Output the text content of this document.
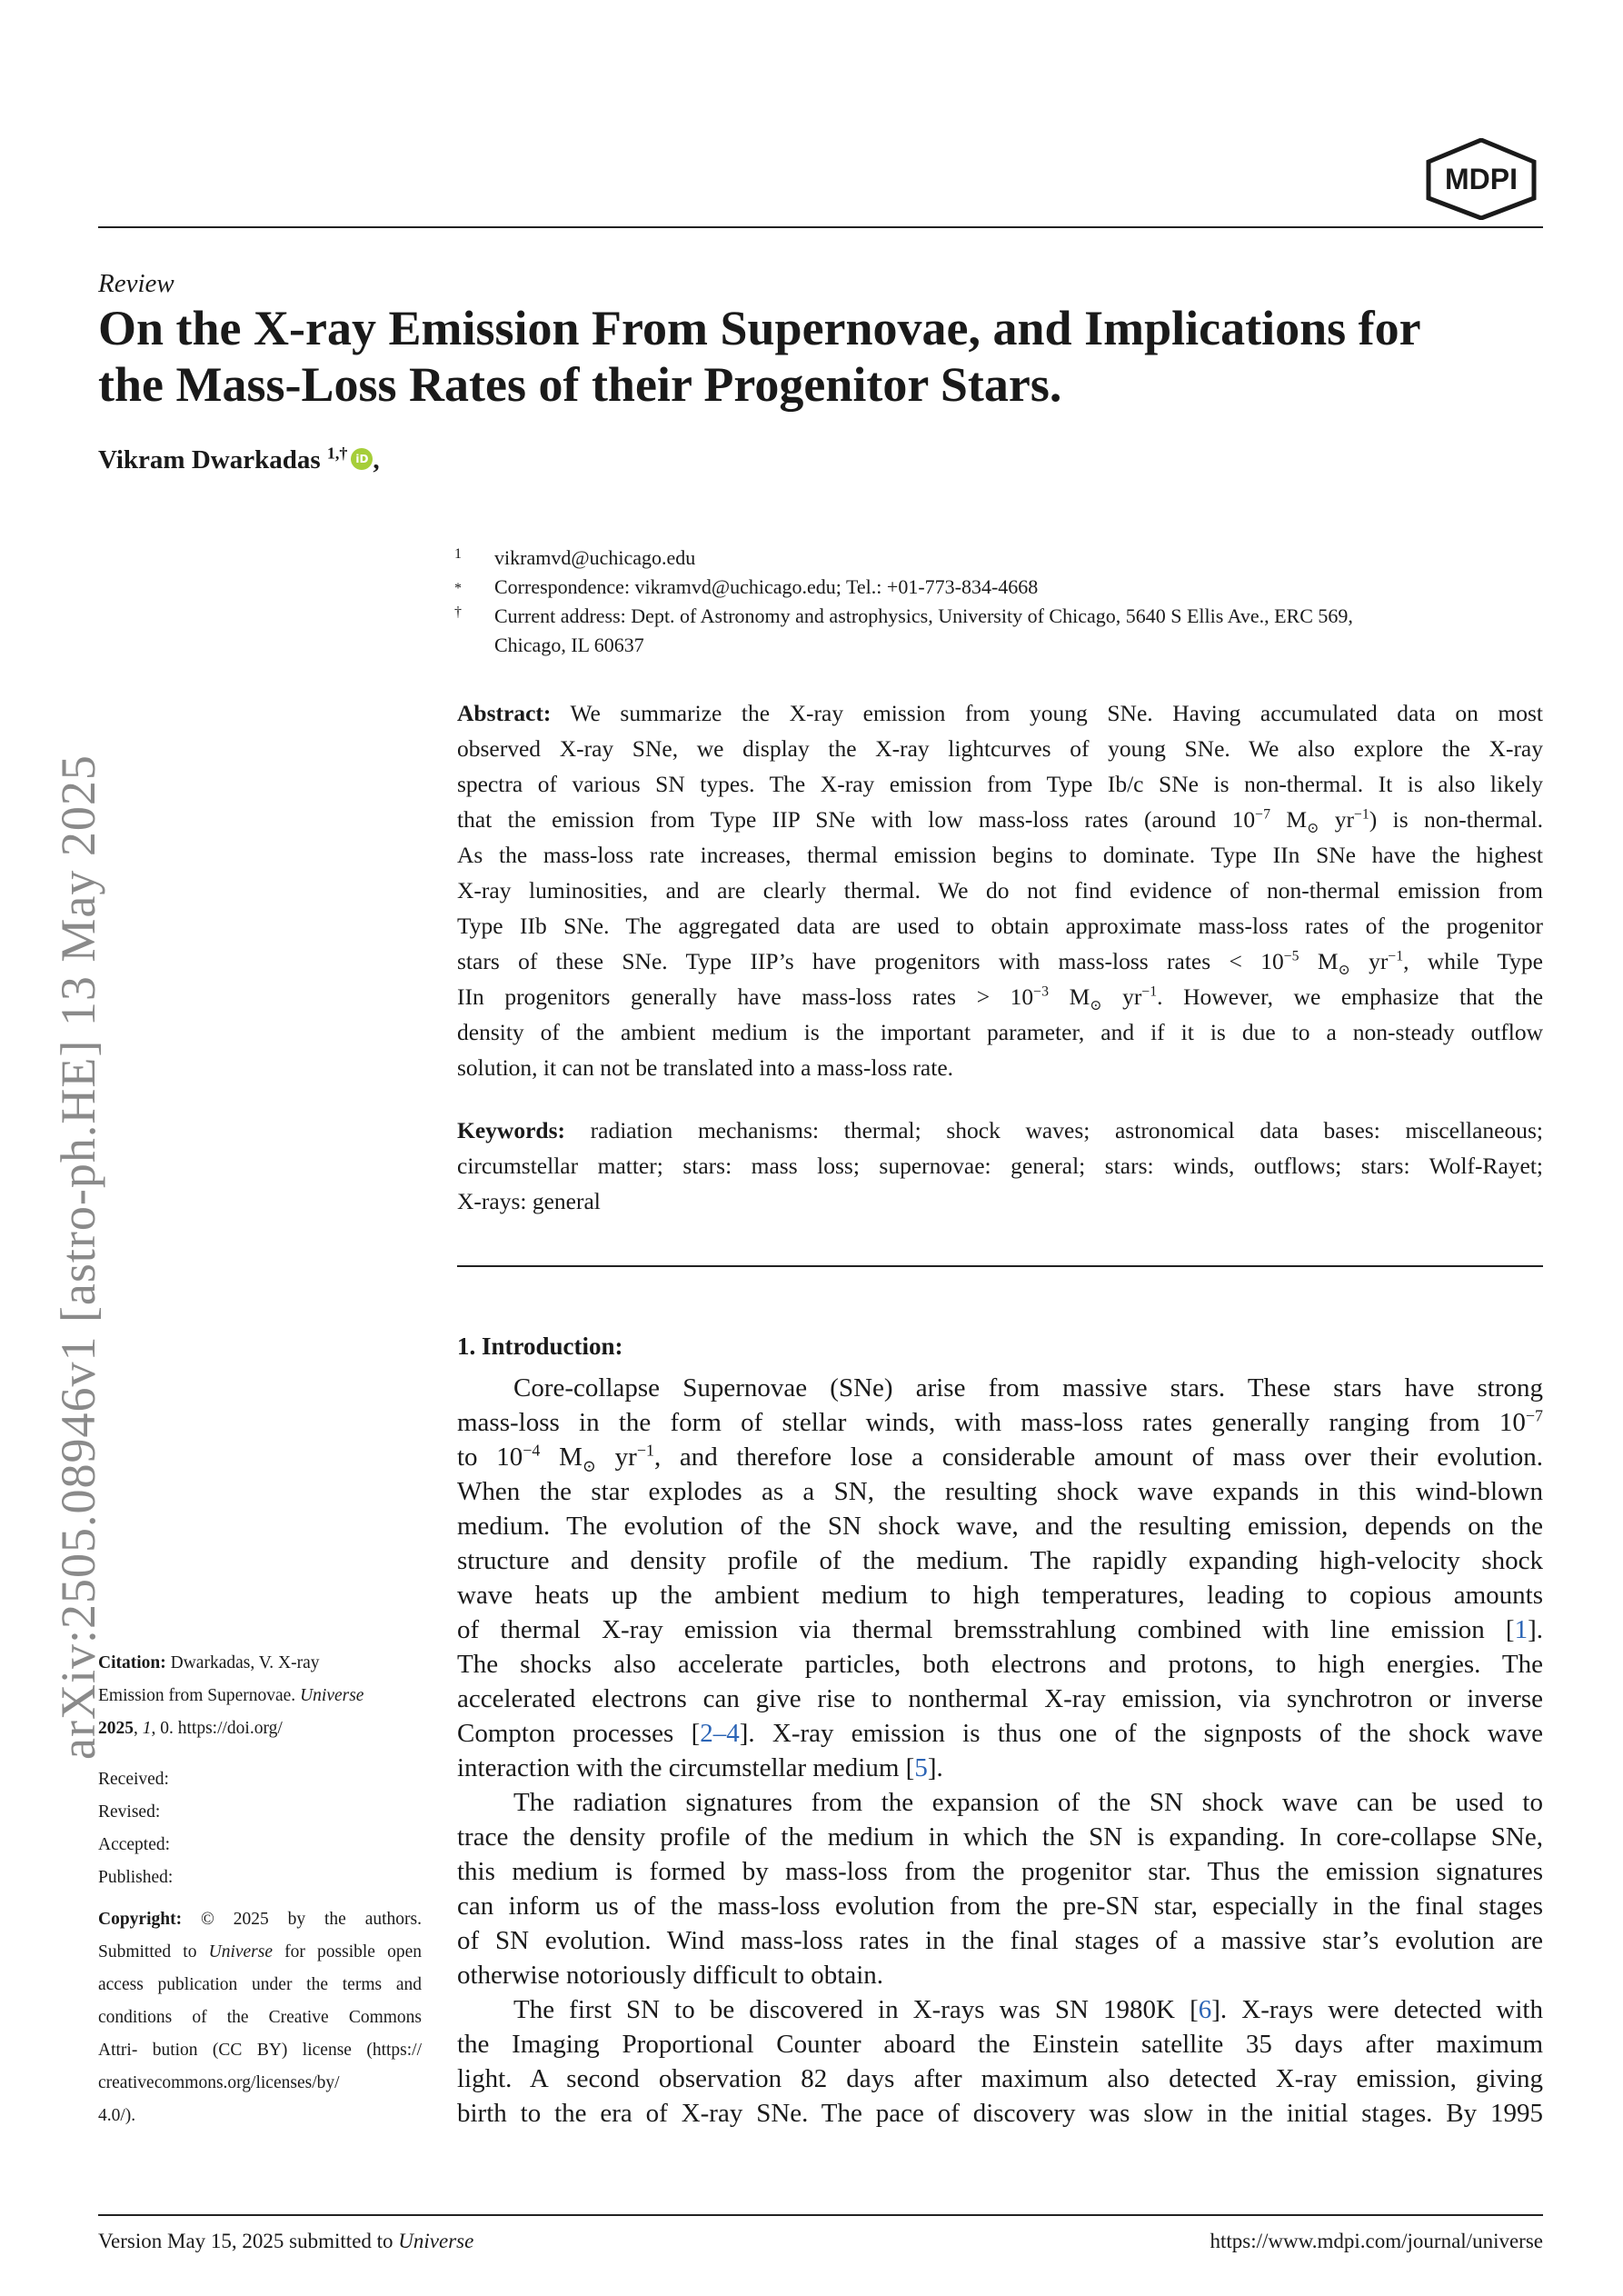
MDPI
Review
On the X-ray Emission From Supernovae, and Implications for
the Mass-Loss Rates of their Progenitor Stars.
Vikram Dwarkadas $^{1,\dagger}$ iD ,
1 vikramvd@uchicago.edu
* Correspondence: vikramvd@uchicago.edu; Tel.: +01-773-834-4668
† Current address: Dept. of Astronomy and astrophysics, University of Chicago, 5640 S Ellis Ave., ERC 569,
Chicago, IL 60637
Abstract: We summarize the X-ray emission from young SNe. Having accumulated data on most
observed X-ray SNe, we display the X-ray lightcurves of young SNe. We also explore the X-ray
spectra of various SN types. The X-ray emission from Type Ib/c SNe is non-thermal. It is also likely
that the emission from Type IIP SNe with low mass-loss rates (around $10^{-7}$ $M_⊙$ $yr^{-1}$) is non-thermal.
As the mass-loss rate increases, thermal emission begins to dominate. Type IIn SNe have the highest
X-ray luminosities, and are clearly thermal. We do not find evidence of non-thermal emission from
Type IIb SNe. The aggregated data are used to obtain approximate mass-loss rates of the progenitor
stars of these SNe. Type IIP’s have progenitors with mass-loss rates < $10^{-5}$ $M_⊙$ $yr^{-1}$, while Type
IIn progenitors generally have mass-loss rates > $10^{-3}$ $M_⊙$ $yr^{-1}$. However, we emphasize that the
density of the ambient medium is the important parameter, and if it is due to a non-steady outflow
solution, it can not be translated into a mass-loss rate.
Keywords: radiation mechanisms: thermal; shock waves; astronomical data bases: miscellaneous;
circumstellar matter; stars: mass loss; supernovae: general; stars: winds, outflows; stars: Wolf-Rayet;
X-rays: general
1. Introduction:
Core-collapse Supernovae (SNe) arise from massive stars. These stars have strong
mass-loss in the form of stellar winds, with mass-loss rates generally ranging from $10^{-7}$
to $10^{-4}$ $M_⊙$ $yr^{-1}$, and therefore lose a considerable amount of mass over their evolution.
When the star explodes as a SN, the resulting shock wave expands in this wind-blown
medium. The evolution of the SN shock wave, and the resulting emission, depends on the
structure and density profile of the medium. The rapidly expanding high-velocity shock
wave heats up the ambient medium to high temperatures, leading to copious amounts
of thermal X-ray emission via thermal bremsstrahlung combined with line emission [1].
The shocks also accelerate particles, both electrons and protons, to high energies. The
accelerated electrons can give rise to nonthermal X-ray emission, via synchrotron or inverse
Compton processes [2–4]. X-ray emission is thus one of the signposts of the shock wave
interaction with the circumstellar medium [5].
The radiation signatures from the expansion of the SN shock wave can be used to
trace the density profile of the medium in which the SN is expanding. In core-collapse SNe,
this medium is formed by mass-loss from the progenitor star. Thus the emission signatures
can inform us of the mass-loss evolution from the pre-SN star, especially in the final stages
of SN evolution. Wind mass-loss rates in the final stages of a massive star’s evolution are
otherwise notoriously difficult to obtain.
The first SN to be discovered in X-rays was SN 1980K [6]. X-rays were detected with
the Imaging Proportional Counter aboard the Einstein satellite 35 days after maximum
light. A second observation 82 days after maximum also detected X-ray emission, giving
birth to the era of X-ray SNe. The pace of discovery was slow in the initial stages. By 1995
arXiv:2505.08946v1 [astro-ph.HE] 13 May 2025
Citation: Dwarkadas, V. X-ray
Emission from Supernovae. Universe
2025, 1, 0. https://doi.org/
Received:
Revised:
Accepted:
Published:
Copyright: © 2025 by the authors.
Submitted to Universe for possible open
access publication under the terms and
conditions of the Creative Commons
Attri- bution (CC BY) license (https://
creativecommons.org/licenses/by/
4.0/).
Version May 15, 2025 submitted to Universe	https://www.mdpi.com/journal/universe
